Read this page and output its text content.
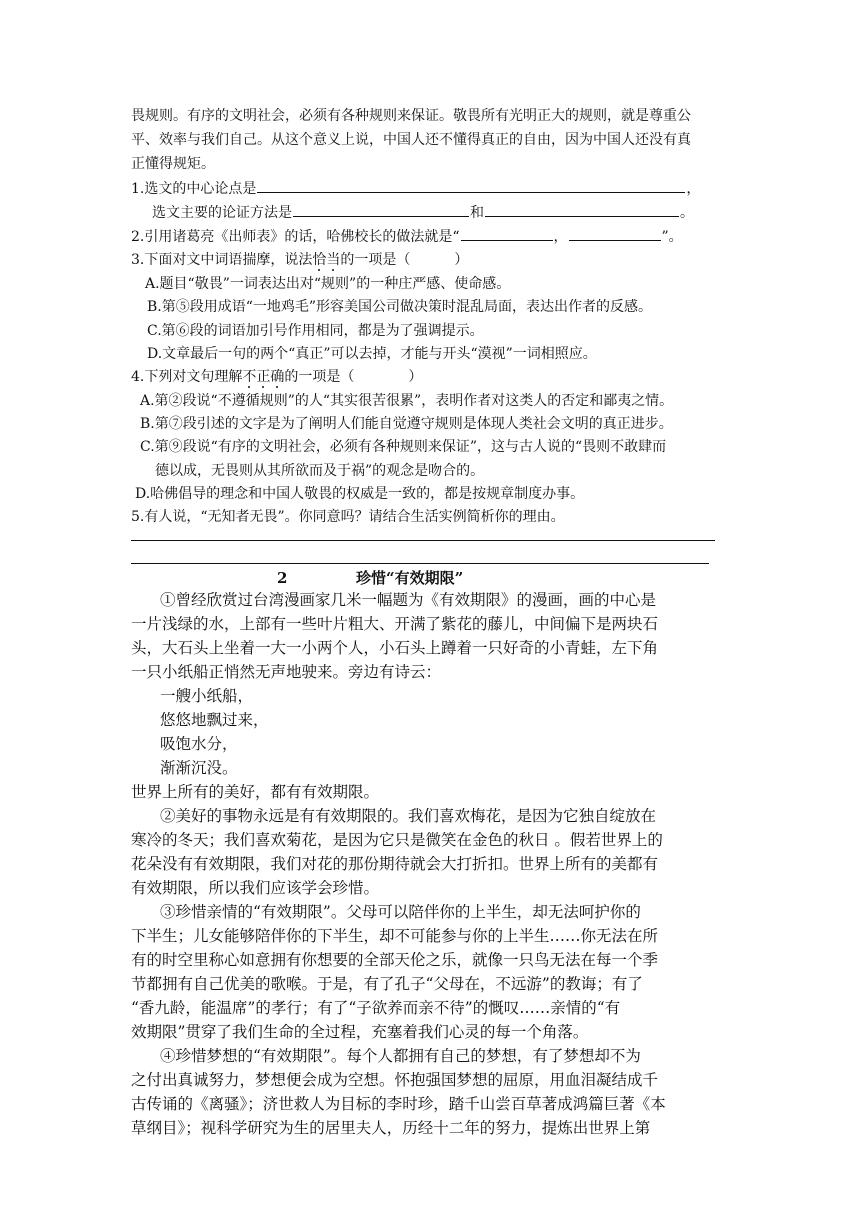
畏规则。有序的文明社会，必须有各种规则来保证。敬畏所有光明正大的规则，就是尊重公
平、效率与我们自己。从这个意义上说，中国人还不懂得真正的自由，因为中国人还没有真
正懂得规矩。
1.选文的中心论点是	，
选文主要的论证方法是	和	。
2.引用诸葛亮《出师表》的话，哈佛校长的做法就是“	，	”。
3.下面对文中词语揣摩，说法恰当的一项是（	）
A.题目“敬畏”一词表达出对“规则”的一种庄严感、使命感。
B.第⑤段用成语“一地鸡毛”形容美国公司做决策时混乱局面，表达出作者的反感。
C.第⑥段的词语加引号作用相同，都是为了强调提示。
D.文章最后一句的两个“真正”可以去掉，才能与开头“漠视”一词相照应。
4.下列对文句理解不正确的一项是（	）
A.第②段说“不遵循规则”的人“其实很苦很累”，表明作者对这类人的否定和鄙夷之情。
B.第⑦段引述的文字是为了阐明人们能自觉遵守规则是体现人类社会文明的真正进步。
C.第⑨段说“有序的文明社会，必须有各种规则来保证”，这与古人说的“畏则不敢肆而
德以成，无畏则从其所欲而及于祸”的观念是吻合的。
D.哈佛倡导的理念和中国人敬畏的权威是一致的，都是按规章制度办事。
5.有人说，“无知者无畏”。你同意吗？请结合生活实例简析你的理由。
2	珍惜“有效期限”
①曾经欣赏过台湾漫画家几米一幅题为《有效期限》的漫画，画的中心是
一片浅绿的水，上部有一些叶片粗大、开满了紫花的藤儿，中间偏下是两块石
头，大石头上坐着一大一小两个人，小石头上蹲着一只好奇的小青蛙，左下角
一只小纸船正悄然无声地驶来。旁边有诗云：
一艘小纸船，
悠悠地飘过来，
吸饱水分，
渐渐沉没。
世界上所有的美好，都有有效期限。
②美好的事物永远是有有效期限的。我们喜欢梅花，是因为它独自绽放在
寒冷的冬天；我们喜欢菊花，是因为它只是微笑在金色的秋日 。假若世界上的
花朵没有有效期限，我们对花的那份期待就会大打折扣。世界上所有的美都有
有效期限，所以我们应该学会珍惜。
③珍惜亲情的“有效期限”。父母可以陪伴你的上半生，却无法呵护你的
下半生；儿女能够陪伴你的下半生，却不可能参与你的上半生……你无法在所
有的时空里称心如意拥有你想要的全部天伦之乐，就像一只鸟无法在每一个季
节都拥有自己优美的歌喉。于是，有了孔子“父母在，不远游”的教诲；有了
“香九龄，能温席”的孝行；有了“子欲养而亲不待”的慨叹……亲情的“有
效期限”贯穿了我们生命的全过程，充塞着我们心灵的每一个角落。
④珍惜梦想的“有效期限”。每个人都拥有自己的梦想，有了梦想却不为
之付出真诚努力，梦想便会成为空想。怀抱强国梦想的屈原，用血泪凝结成千
古传诵的《离骚》；济世救人为目标的李时珍，踏千山尝百草著成鸿篇巨著《本
草纲目》；视科学研究为生的居里夫人，历经十二年的努力，提炼出世界上第
